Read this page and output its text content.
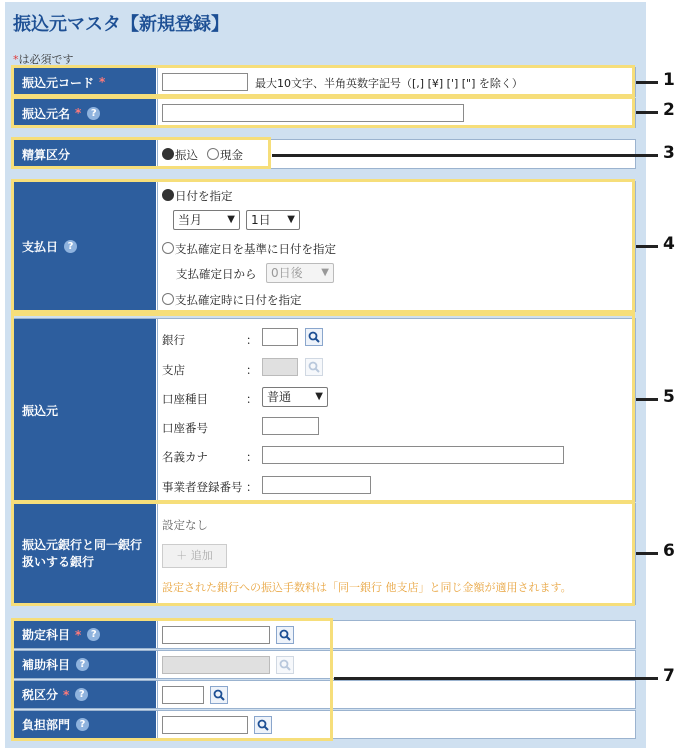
振込元マスタ【新規登録】
*は必須です
振込元コード *	最大10文字、半角英数字記号（[,] [¥] ['] ["] を除く）
振込元名 * ?
精算区分	振込 現金
支払日 ?
日付を指定
当月	▼	1日 ▼
支払確定日を基準に日付を指定
支払確定日から	0日後 ▼
支払確定時に日付を指定
振込元
銀行	：
支店	：
口座種目	： 普通 ▼
口座番号
名義カナ	：
事業者登録番号 ：
振込元銀行と同一銀行
扱いする銀行
設定なし
＋ 追加
設定された銀行への振込手数料は「同一銀行 他支店」と同じ金額が適用されます。
勘定科目 * ?
補助科目 ?
税区分 * ?
負担部門 ?
1
2
3
4
5
6
7
